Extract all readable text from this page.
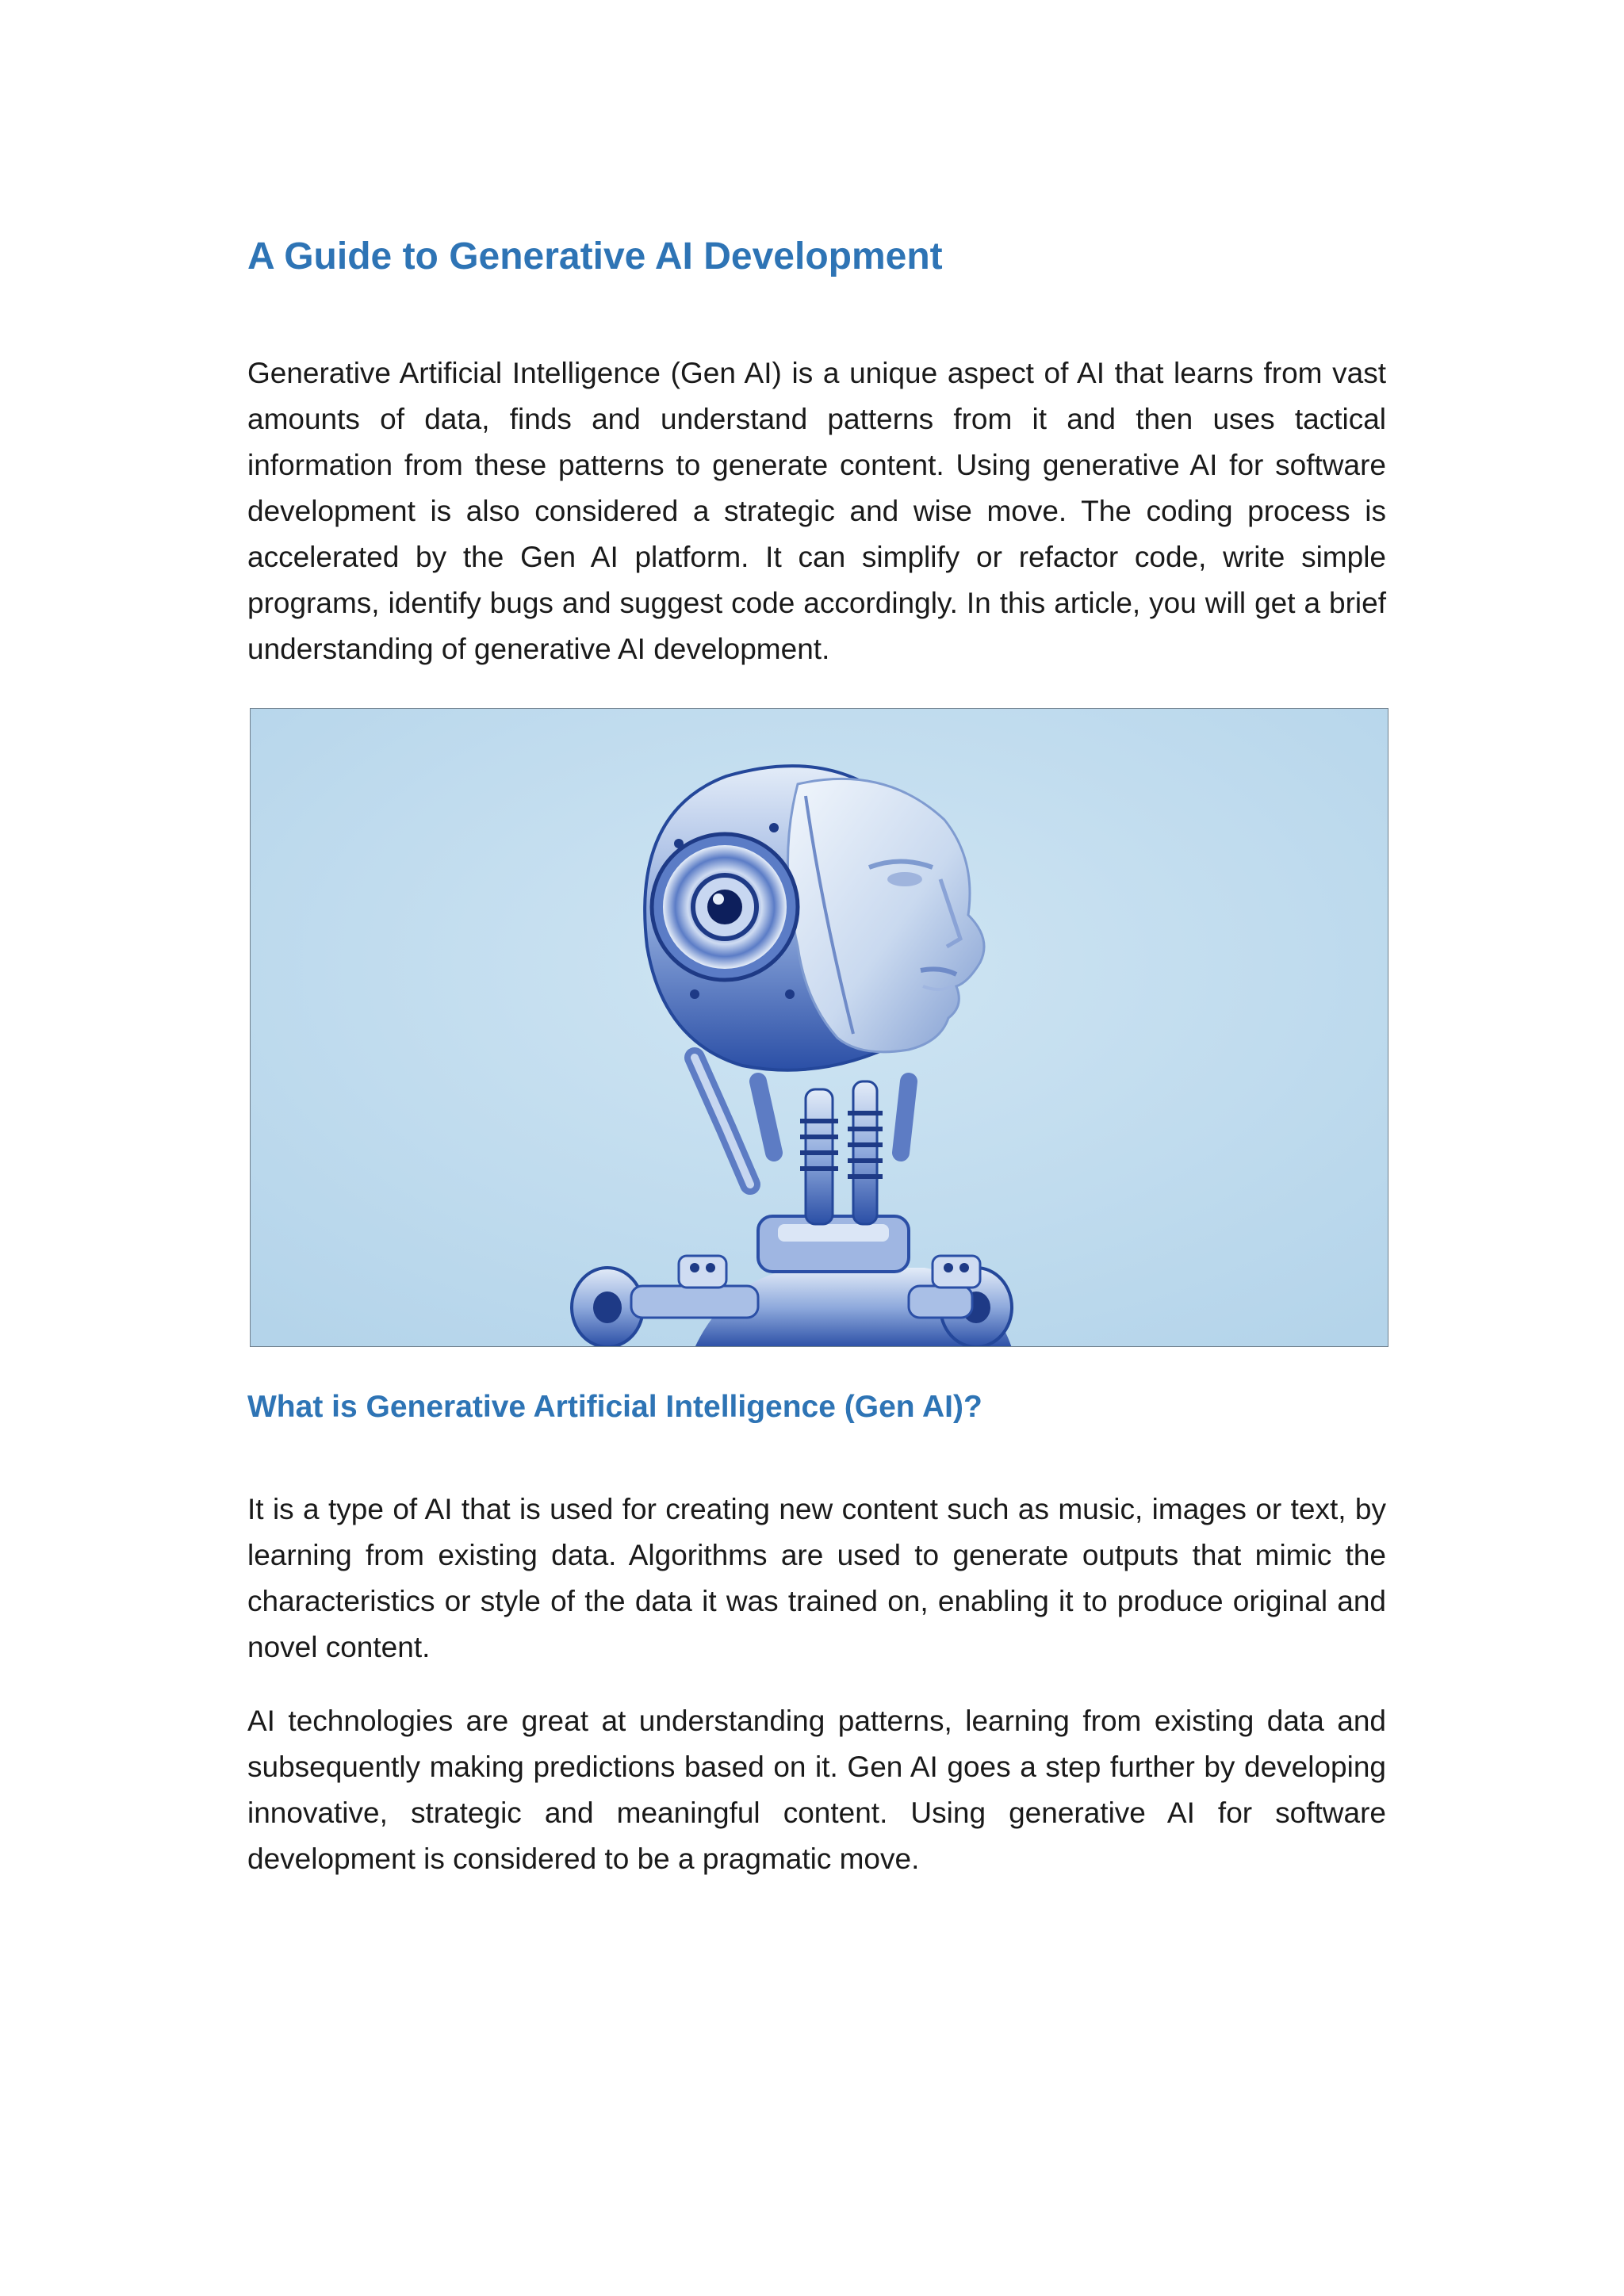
A Guide to Generative AI Development

Generative Artificial Intelligence (Gen AI) is a unique aspect of AI that learns from vast amounts of data, finds and understand patterns from it and then uses tactical information from these patterns to generate content. Using generative AI for software development is also considered a strategic and wise move. The coding process is accelerated by the Gen AI platform. It can simplify or refactor code, write simple programs, identify bugs and suggest code accordingly. In this article, you will get a brief understanding of generative AI development.

What is Generative Artificial Intelligence (Gen AI)?

It is a type of AI that is used for creating new content such as music, images or text, by learning from existing data. Algorithms are used to generate outputs that mimic the characteristics or style of the data it was trained on, enabling it to produce original and novel content.

AI technologies are great at understanding patterns, learning from existing data and subsequently making predictions based on it. Gen AI goes a step further by developing innovative, strategic and meaningful content. Using generative AI for software development is considered to be a pragmatic move.
